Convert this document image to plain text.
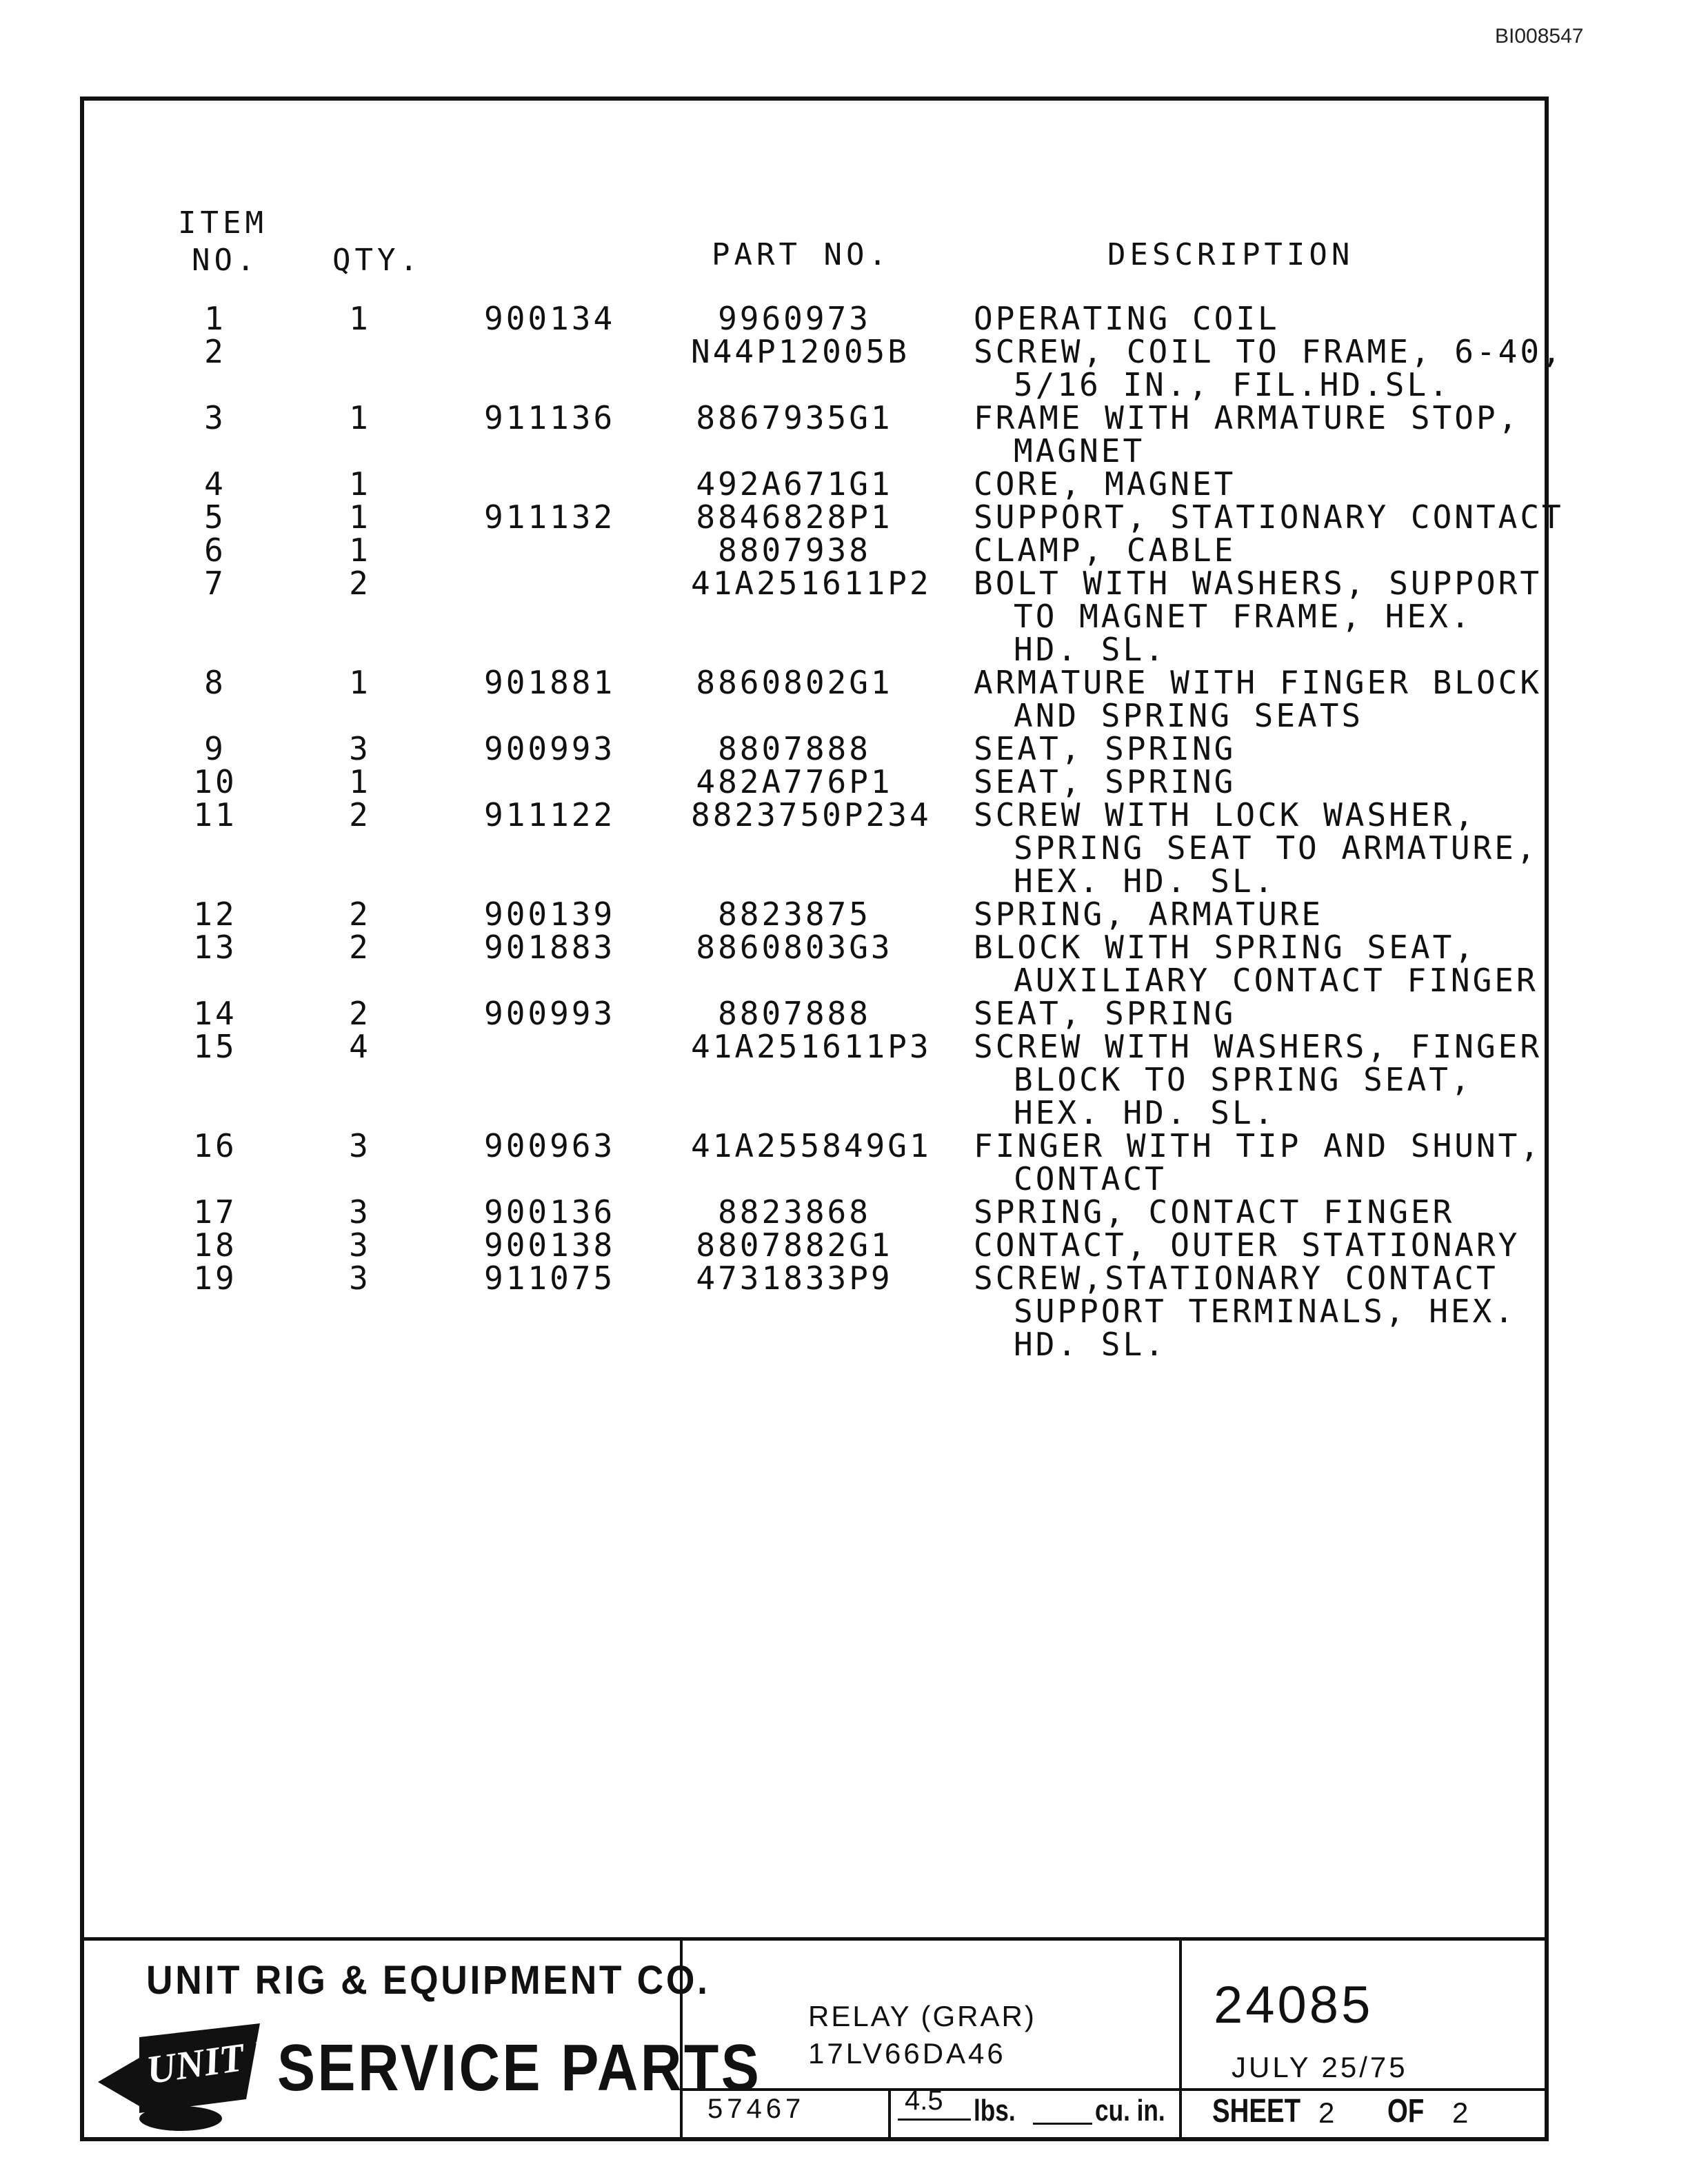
BI008547
ITEM
NO. QTY.	PART NO.	DESCRIPTION
1	1	900134	9960973	OPERATING COIL
2	N44P12005B SCREW, COIL TO FRAME, 6-40,
5/16 IN., FIL.HD.SL.
3	1	911136	8867935G1	FRAME WITH ARMATURE STOP,
MAGNET
4	1	492A671G1	CORE, MAGNET
5	1	911132	8846828P1	SUPPORT, STATIONARY CONTACT
6	1	8807938	CLAMP, CABLE
7	2	41A251611P2 BOLT WITH WASHERS, SUPPORT
TO MAGNET FRAME, HEX.
HD. SL.
8	1	901881	8860802G1	ARMATURE WITH FINGER BLOCK
AND SPRING SEATS
9	3	900993	8807888	SEAT, SPRING
10	1	482A776P1	SEAT, SPRING
11	2	911122 8823750P234 SCREW WITH LOCK WASHER,
SPRING SEAT TO ARMATURE,
HEX. HD. SL.
12	2	900139	8823875	SPRING, ARMATURE
13	2	901883	8860803G3	BLOCK WITH SPRING SEAT,
AUXILIARY CONTACT FINGER
14	2	900993	8807888	SEAT, SPRING
15	4	41A251611P3 SCREW WITH WASHERS, FINGER
BLOCK TO SPRING SEAT,
HEX. HD. SL.
16	3	900963 41A255849G1 FINGER WITH TIP AND SHUNT,
CONTACT
17	3	900136	8823868	SPRING, CONTACT FINGER
18	3	900138	8807882G1	CONTACT, OUTER STATIONARY
19	3	911075	4731833P9	SCREW,STATIONARY CONTACT
SUPPORT TERMINALS, HEX.
HD. SL.
UNIT RIG & EQUIPMENT CO.
UNIT RIG
SERVICE PARTS
RELAY (GRAR)
17LV66DA46
24085
JULY 25/75
57467	4.5 lbs.	cu. in. SHEET 2 OF 2
